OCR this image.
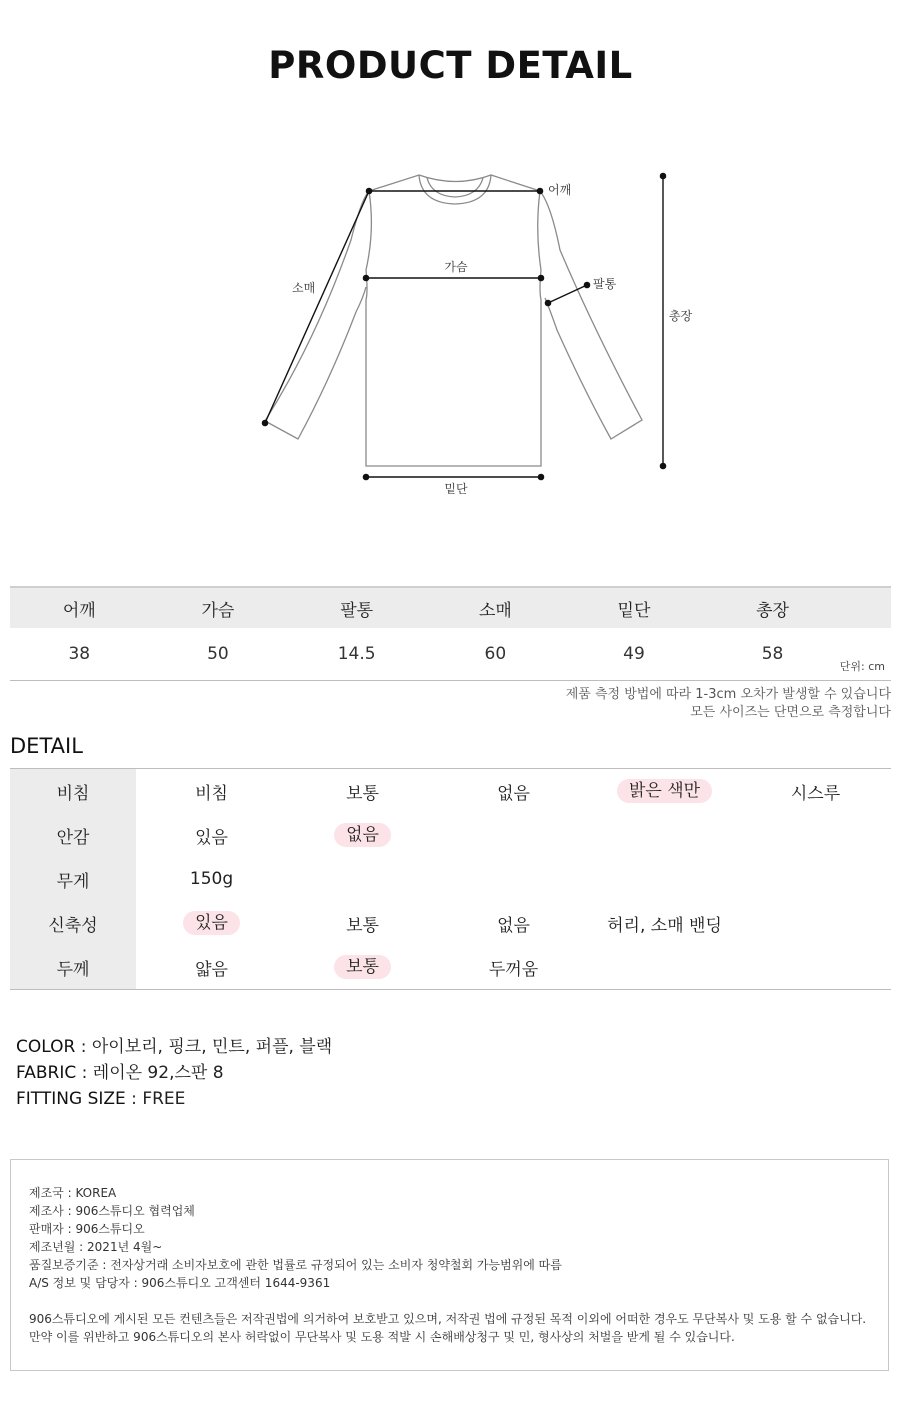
PRODUCT DETAIL
어깨
가슴
소매	팔통
밑단
총장
어깨	가슴	팔통	소매	밑단	총장	
38	50	14.5	60	49	58	단위: cm
제품 측정 방법에 따라 1-3cm 오차가 발생할 수 있습니다
모든 사이즈는 단면으로 측정합니다
DETAIL
비침	비침	보통	없음	밝은 색만	시스루
안감	있음	없음			
무게	150g				
신축성	있음	보통	없음	허리, 소매 밴딩	
두께	얇음	보통	두꺼움		
COLOR : 아이보리, 핑크, 민트, 퍼플, 블랙
FABRIC : 레이온 92,스판 8
FITTING SIZE : FREE
제조국 : KOREA
제조사 : 906스튜디오 협력업체
판매자 : 906스튜디오
제조년월 : 2021년 4월~
품질보증기준 : 전자상거래 소비자보호에 관한 법률로 규정되어 있는 소비자 청약철회 가능범위에 따름
A/S 정보 및 담당자 : 906스튜디오 고객센터 1644-9361
906스튜디오에 게시된 모든 컨텐츠들은 저작권법에 의거하여 보호받고 있으며, 저작권 법에 규정된 목적 이외에 어떠한 경우도 무단복사 및 도용 할 수 없습니다.
만약 이를 위반하고 906스튜디오의 본사 허락없이 무단복사 및 도용 적발 시 손해배상청구 및 민, 형사상의 처벌을 받게 될 수 있습니다.
